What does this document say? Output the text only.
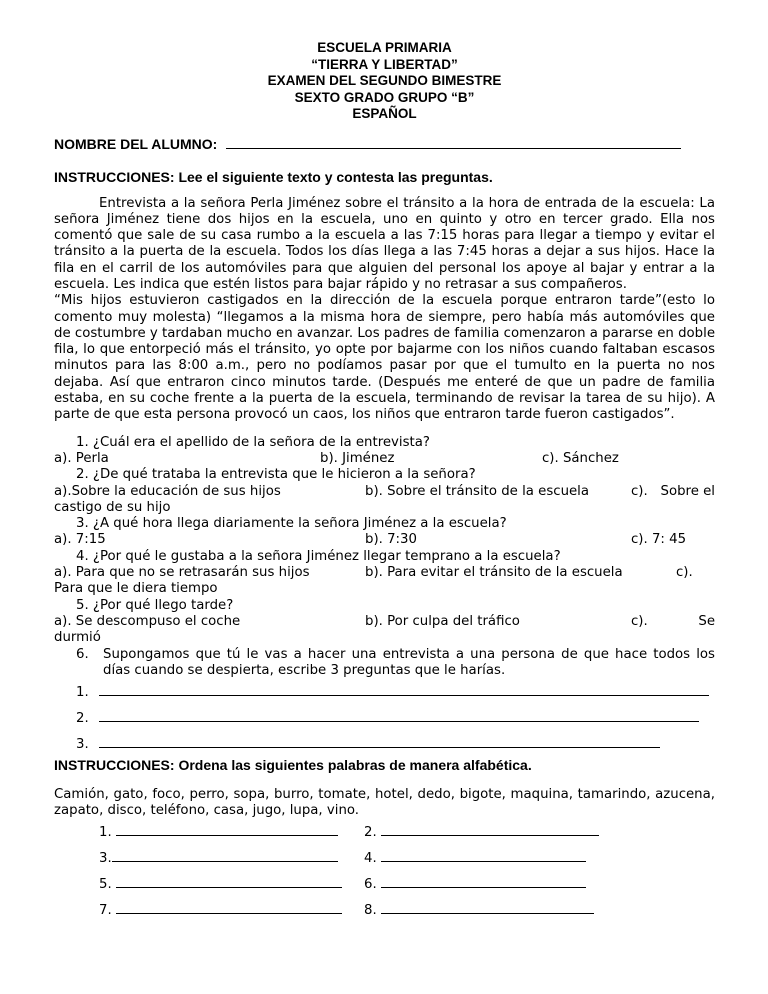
ESCUELA PRIMARIA
“TIERRA Y LIBERTAD”
EXAMEN DEL SEGUNDO BIMESTRE
SEXTO GRADO GRUPO “B”
ESPAÑOL
NOMBRE DEL ALUMNO:
INSTRUCCIONES: Lee el siguiente texto y contesta las preguntas.
Entrevista a la señora Perla Jiménez sobre el tránsito a la hora de entrada de la escuela: La señora Jiménez tiene dos hijos en la escuela, uno en quinto y otro en tercer grado. Ella nos comentó que sale de su casa rumbo a la escuela a las 7:15 horas para llegar a tiempo y evitar el tránsito a la puerta de la escuela. Todos los días llega a las 7:45 horas a dejar a sus hijos. Hace la fila en el carril de los automóviles para que alguien del personal los apoye al bajar y entrar a la escuela. Les indica que estén listos para bajar rápido y no retrasar a sus compañeros.
“Mis hijos estuvieron castigados en la dirección de la escuela porque entraron tarde”(esto lo comento muy molesta) “llegamos a la misma hora de siempre, pero había más automóviles que de costumbre y tardaban mucho en avanzar. Los padres de familia comenzaron a pararse en doble fila, lo que entorpeció más el tránsito, yo opte por bajarme con los niños cuando faltaban escasos minutos para las 8:00 a.m., pero no podíamos pasar por que el tumulto en la puerta no nos dejaba. Así que entraron cinco minutos tarde. (Después me enteré de que un padre de familia estaba, en su coche frente a la puerta de la escuela, terminando de revisar la tarea de su hijo). A parte de que esta persona provocó un caos, los niños que entraron tarde fueron castigados”.
1. ¿Cuál era el apellido de la señora de la entrevista?
a). Perla	b). Jiménez	c). Sánchez
2. ¿De qué trataba la entrevista que le hicieron a la señora?
a).Sobre la educación de sus hijos	b). Sobre el tránsito de la escuela	c). Sobre el
castigo de su hijo
3. ¿A qué hora llega diariamente la señora Jiménez a la escuela?
a). 7:15	b). 7:30	c). 7: 45
4. ¿Por qué le gustaba a la señora Jiménez llegar temprano a la escuela?
a). Para que no se retrasarán sus hijos	b). Para evitar el tránsito de la escuela	c).
Para que le diera tiempo
5. ¿Por qué llego tarde?
a). Se descompuso el coche	b). Por culpa del tráfico	c).	Se
durmió
6.	Supongamos que tú le vas a hacer una entrevista a una persona de que hace todos los días cuando se despierta, escribe 3 preguntas que le harías.
1.
2.
3.
INSTRUCCIONES: Ordena las siguientes palabras de manera alfabética.
Camión, gato, foco, perro, sopa, burro, tomate, hotel, dedo, bigote, maquina, tamarindo, azucena, zapato, disco, teléfono, casa, jugo, lupa, vino.
1.	2.
3.	4.
5.	6.
7.	8.
